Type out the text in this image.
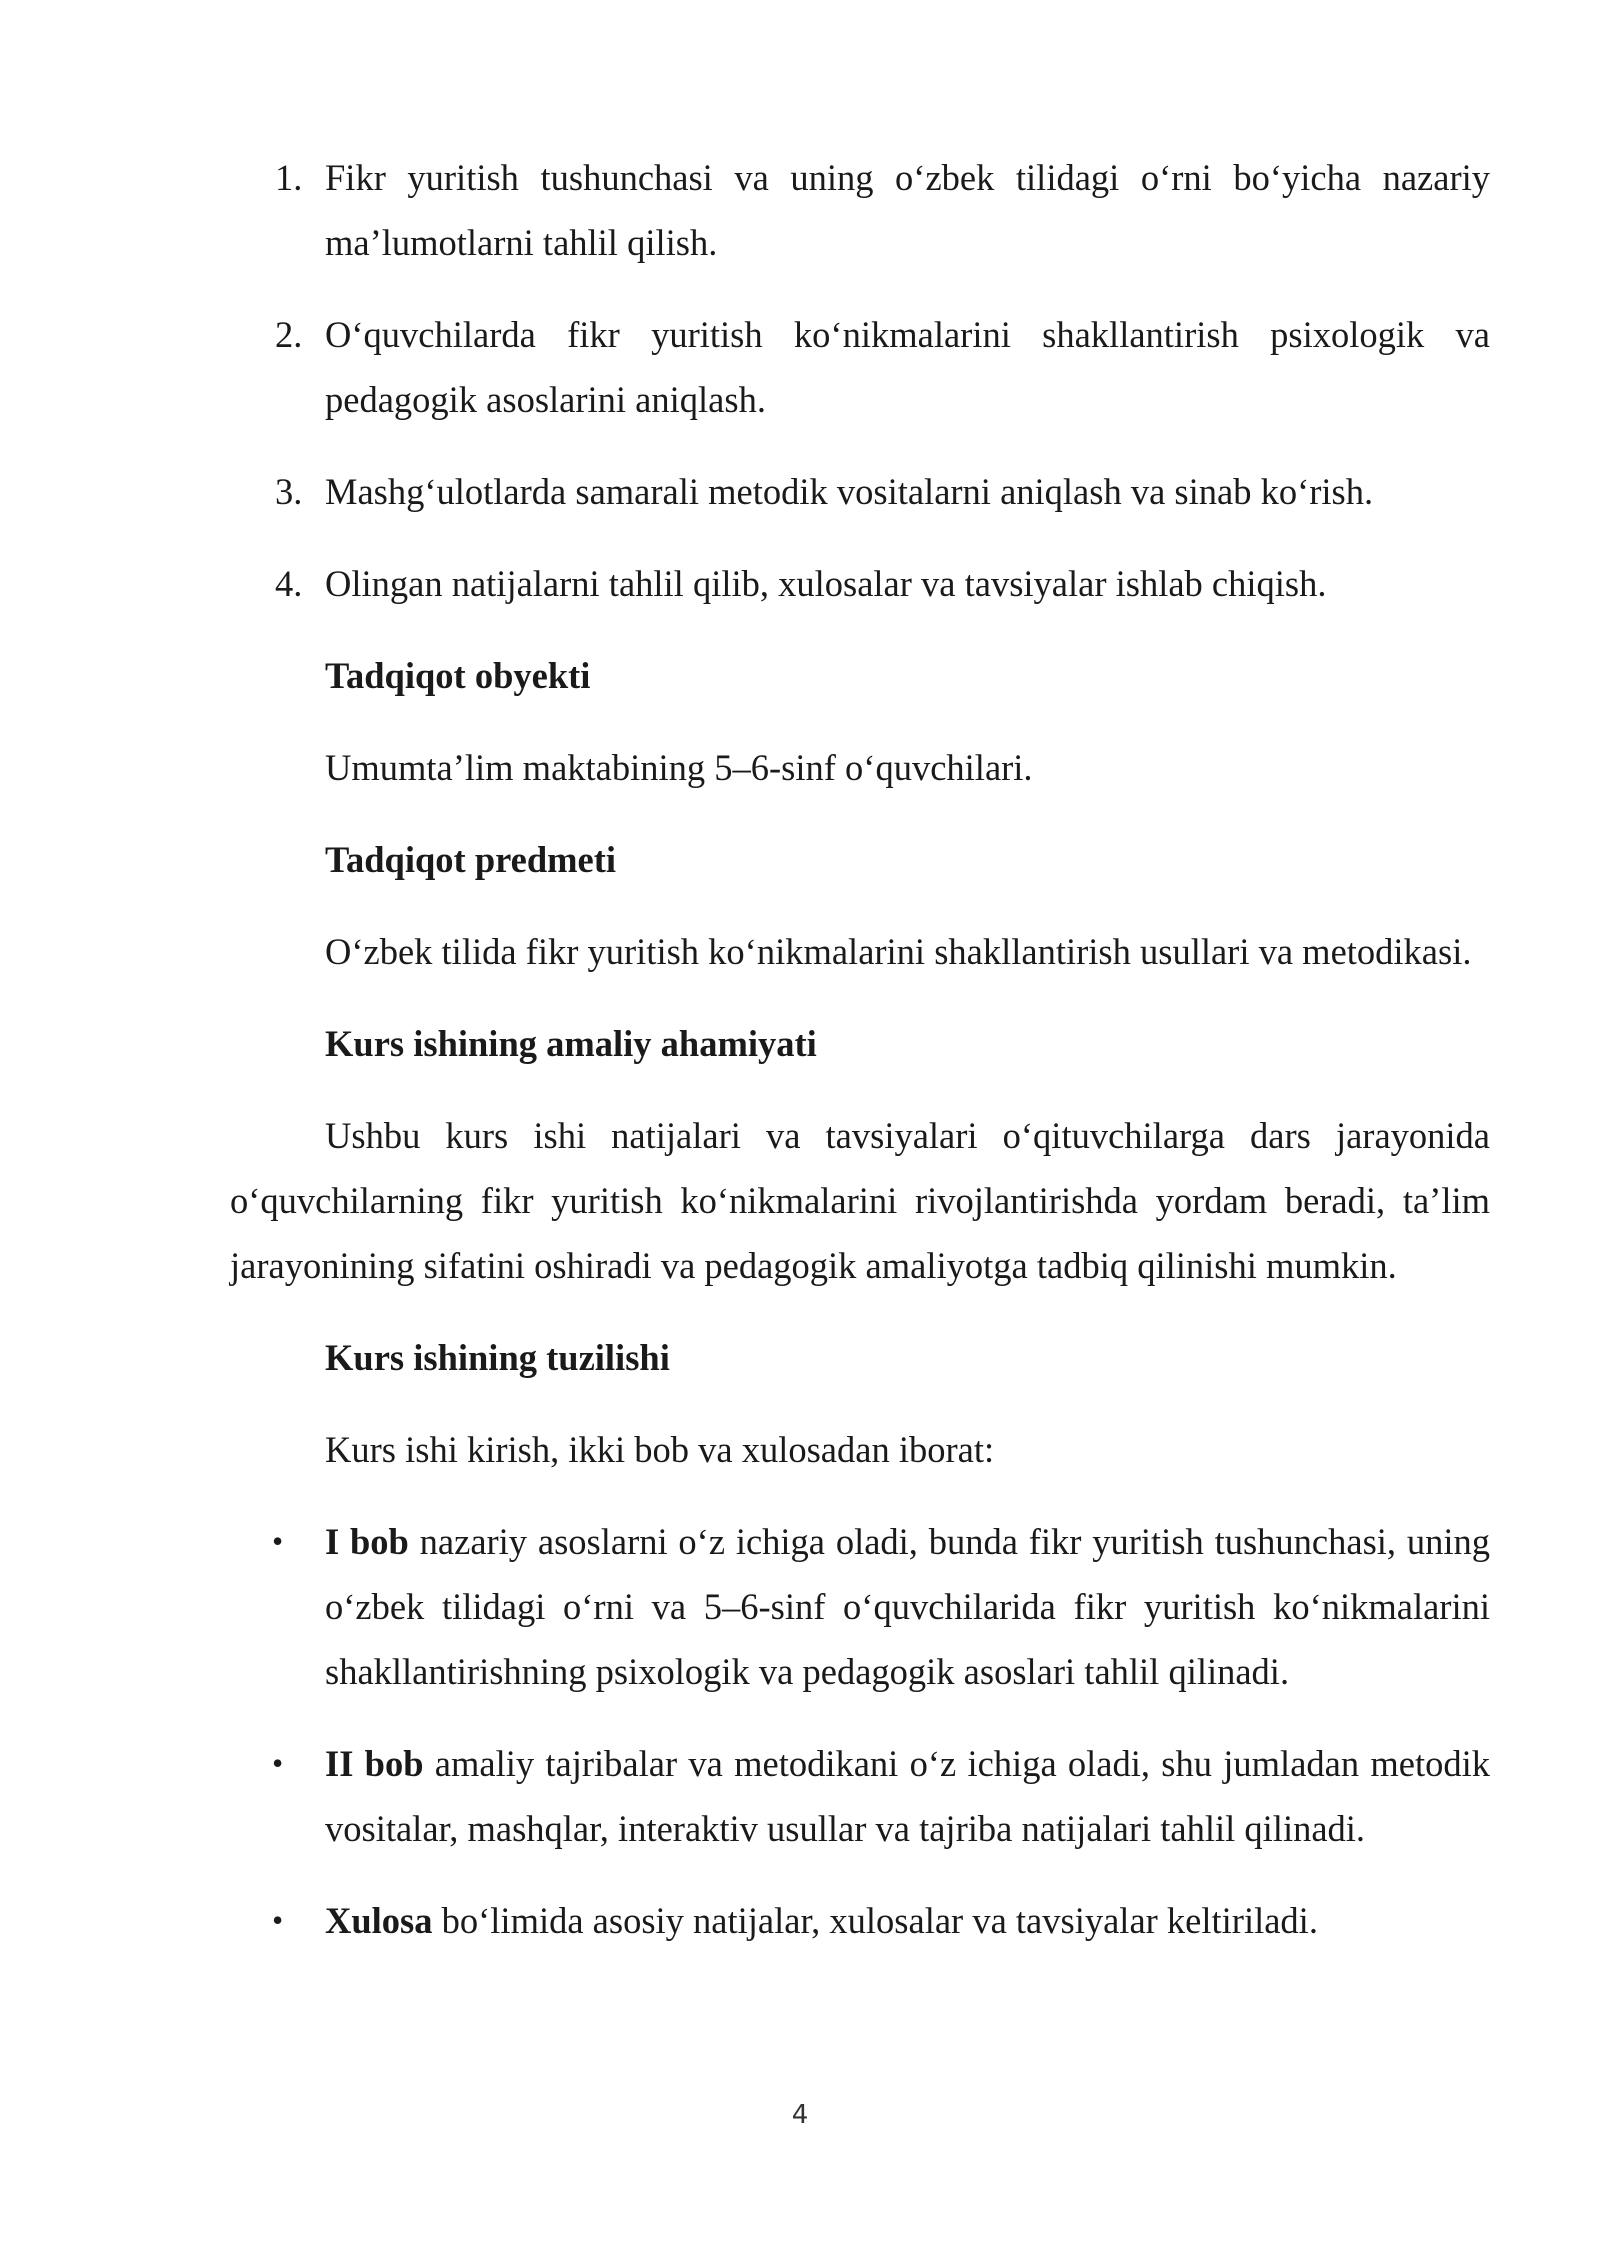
1. Fikr yuritish tushunchasi va uning o‘zbek tilidagi o‘rni bo‘yicha nazariy ma’lumotlarni tahlil qilish.
2. O‘quvchilarda fikr yuritish ko‘nikmalarini shakllantirish psixologik va pedagogik asoslarini aniqlash.
3. Mashg‘ulotlarda samarali metodik vositalarni aniqlash va sinab ko‘rish.
4. Olingan natijalarni tahlil qilib, xulosalar va tavsiyalar ishlab chiqish.
Tadqiqot obyekti

Umumta’lim maktabining 5–6-sinf o‘quvchilari.

Tadqiqot predmeti

O‘zbek tilida fikr yuritish ko‘nikmalarini shakllantirish usullari va metodikasi.

Kurs ishining amaliy ahamiyati

Ushbu kurs ishi natijalari va tavsiyalari o‘qituvchilarga dars jarayonida o‘quvchilarning fikr yuritish ko‘nikmalarini rivojlantirishda yordam beradi, ta’lim jarayonining sifatini oshiradi va pedagogik amaliyotga tadbiq qilinishi mumkin.

Kurs ishining tuzilishi

Kurs ishi kirish, ikki bob va xulosadan iborat:

• I bob nazariy asoslarni o‘z ichiga oladi, bunda fikr yuritish tushunchasi, uning o‘zbek tilidagi o‘rni va 5–6-sinf o‘quvchilarida fikr yuritish ko‘nikmalarini shakllantirishning psixologik va pedagogik asoslari tahlil qilinadi.
• II bob amaliy tajribalar va metodikani o‘z ichiga oladi, shu jumladan metodik vositalar, mashqlar, interaktiv usullar va tajriba natijalari tahlil qilinadi.
• Xulosa bo‘limida asosiy natijalar, xulosalar va tavsiyalar keltiriladi.
4
